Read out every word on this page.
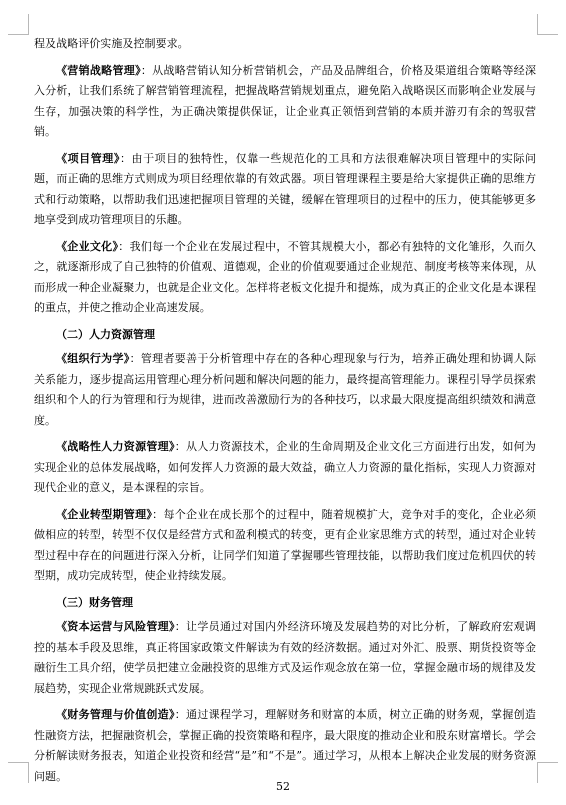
程及战略评价实施及控制要求。

《营销战略管理》：从战略营销认知分析营销机会，产品及品牌组合，价格及渠道组合策略等经深入分析，让我们系统了解营销管理流程，把握战略营销规划重点，避免陷入战略误区而影响企业发展与生存，加强决策的科学性，为正确决策提供保证，让企业真正领悟到营销的本质并游刃有余的驾驭营销。

《项目管理》：由于项目的独特性，仅靠一些规范化的工具和方法很难解决项目管理中的实际问题，而正确的思维方式则成为项目经理依靠的有效武器。项目管理课程主要是给大家提供正确的思维方式和行动策略，以帮助我们迅速把握项目管理的关键，缓解在管理项目的过程中的压力，使其能够更多地享受到成功管理项目的乐趣。

《企业文化》：我们每一个企业在发展过程中，不管其规模大小，都必有独特的文化雏形，久而久之，就逐渐形成了自己独特的价值观、道德观，企业的价值观要通过企业规范、制度考核等来体现，从而形成一种企业凝聚力，也就是企业文化。怎样将老板文化提升和提炼，成为真正的企业文化是本课程的重点，并使之推动企业高速发展。

（二）人力资源管理

《组织行为学》：管理者要善于分析管理中存在的各种心理现象与行为，培养正确处理和协调人际关系能力，逐步提高运用管理心理分析问题和解决问题的能力，最终提高管理能力。课程引导学员探索组织和个人的行为管理和行为规律，进而改善激励行为的各种技巧，以求最大限度提高组织绩效和满意度。

《战略性人力资源管理》：从人力资源技术，企业的生命周期及企业文化三方面进行出发，如何为实现企业的总体发展战略，如何发挥人力资源的最大效益，确立人力资源的量化指标，实现人力资源对现代企业的意义，是本课程的宗旨。

《企业转型期管理》：每个企业在成长那个的过程中，随着规模扩大，竞争对手的变化，企业必须做相应的转型，转型不仅仅是经营方式和盈利模式的转变，更有企业家思维方式的转型，通过对企业转型过程中存在的问题进行深入分析，让同学们知道了掌握哪些管理技能，以帮助我们度过危机四伏的转型期，成功完成转型，使企业持续发展。

（三）财务管理

《资本运营与风险管理》：让学员通过对国内外经济环境及发展趋势的对比分析，了解政府宏观调控的基本手段及思维，真正将国家政策文件解读为有效的经济数据。通过对外汇、股票、期货投资等金融衍生工具介绍，使学员把建立金融投资的思维方式及运作观念放在第一位，掌握金融市场的规律及发展趋势，实现企业常规跳跃式发展。

《财务管理与价值创造》：通过课程学习，理解财务和财富的本质，树立正确的财务观，掌握创造性融资方法，把握融资机会，掌握正确的投资策略和程序，最大限度的推动企业和股东财富增长。学会分析解读财务报表，知道企业投资和经营“是”和“不是”。通过学习，从根本上解决企业发展的财务资源问题。

52
